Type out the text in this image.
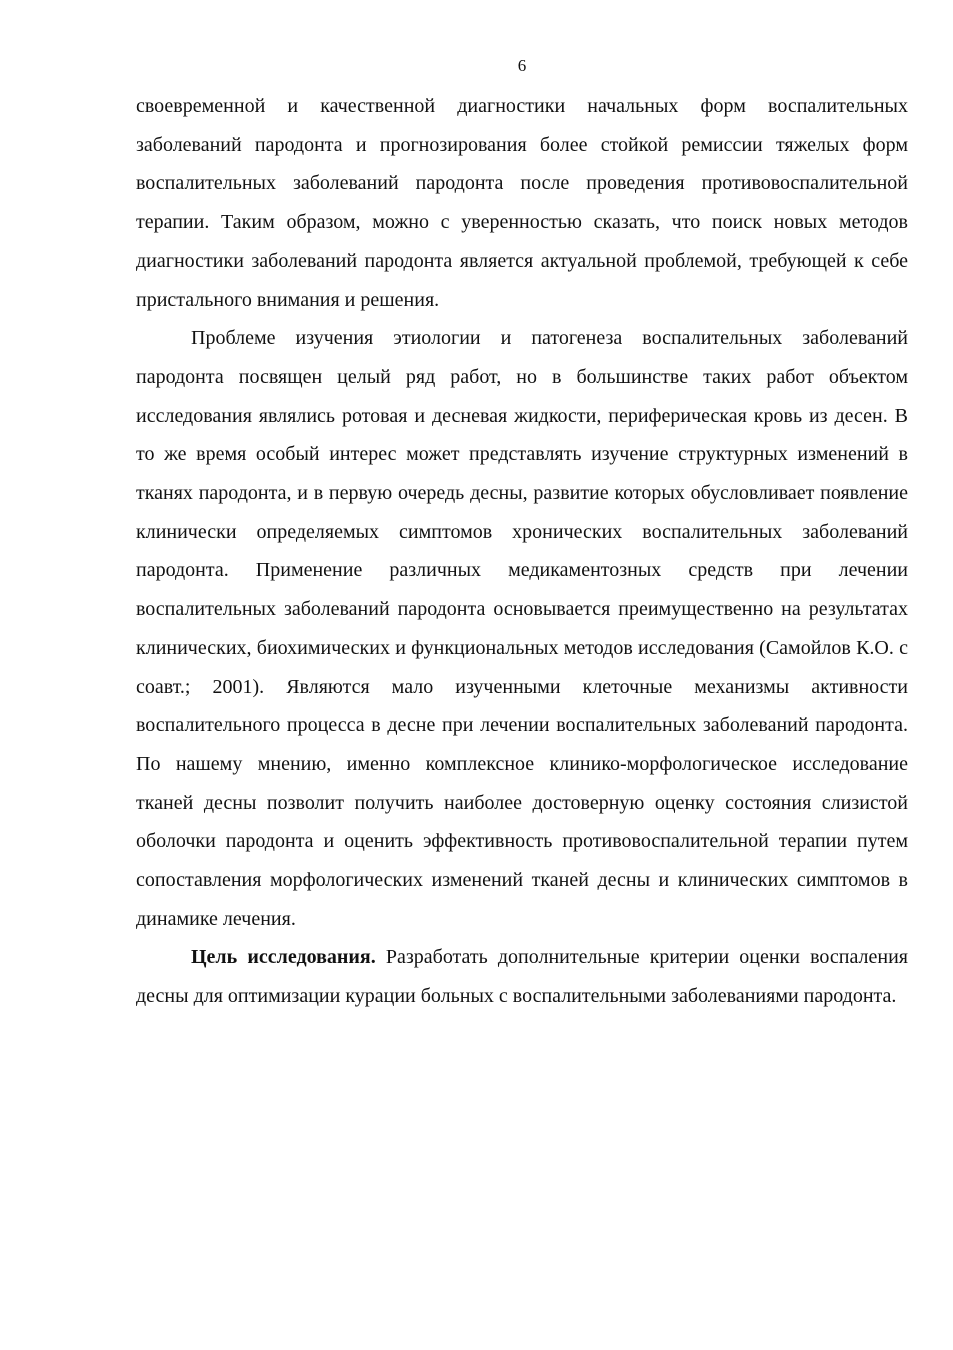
6

своевременной и качественной диагностики начальных форм воспалительных заболеваний пародонта и прогнозирования более стойкой ремиссии тяжелых форм воспалительных заболеваний пародонта после проведения противовоспалительной терапии. Таким образом, можно с уверенностью сказать, что поиск новых методов диагностики заболеваний пародонта является актуальной проблемой, требующей к себе пристального внимания и решения.

Проблеме изучения этиологии и патогенеза воспалительных заболеваний пародонта посвящен целый ряд работ, но в большинстве таких работ объектом исследования являлись ротовая и десневая жидкости, периферическая кровь из десен. В то же время особый интерес может представлять изучение структурных изменений в тканях пародонта, и в первую очередь десны, развитие которых обусловливает появление клинически определяемых симптомов хронических воспалительных заболеваний пародонта. Применение различных медикаментозных средств при лечении воспалительных заболеваний пародонта основывается преимущественно на результатах клинических, биохимических и функциональных методов исследования (Самойлов К.О. с соавт.; 2001). Являются мало изученными клеточные механизмы активности воспалительного процесса в десне при лечении воспалительных заболеваний пародонта. По нашему мнению, именно комплексное клинико-морфологическое исследование тканей десны позволит получить наиболее достоверную оценку состояния слизистой оболочки пародонта и оценить эффективность противовоспалительной терапии путем сопоставления морфологических изменений тканей десны и клинических симптомов в динамике лечения.

Цель исследования. Разработать дополнительные критерии оценки воспаления десны для оптимизации курации больных с воспалительными заболеваниями пародонта.
